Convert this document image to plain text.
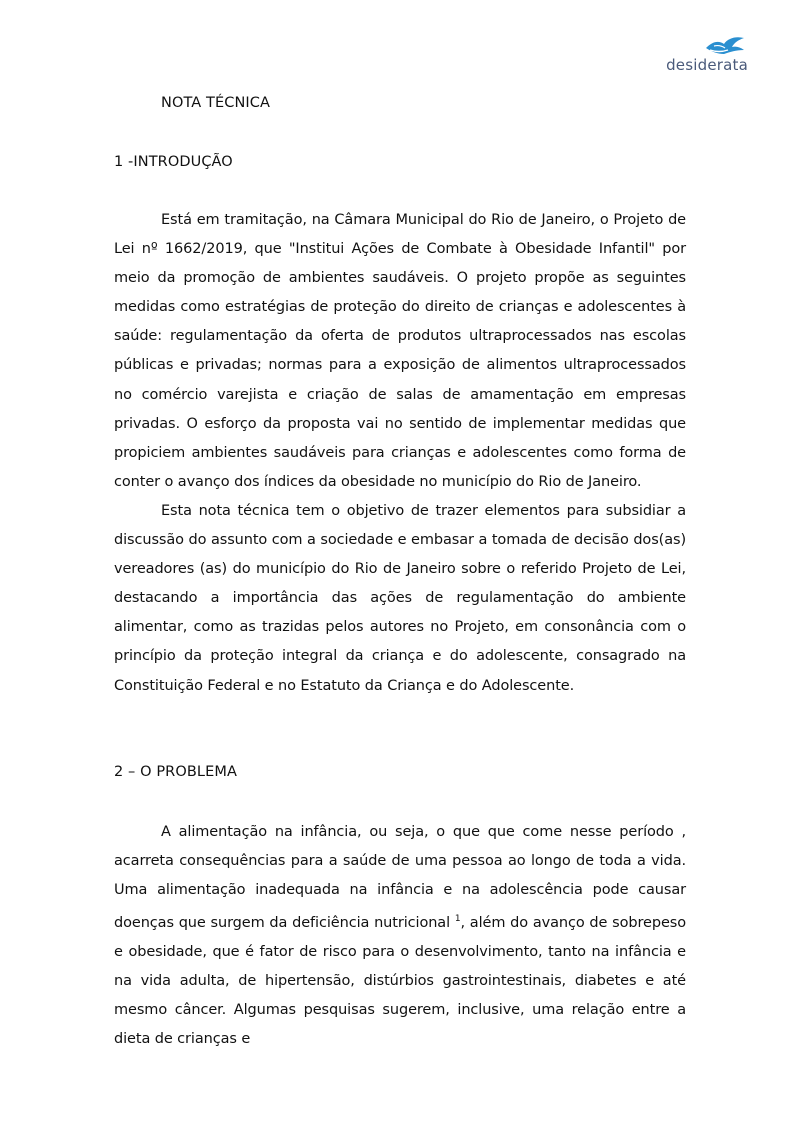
desiderata

NOTA TÉCNICA

1 -INTRODUÇÃO

Está em tramitação, na Câmara Municipal do Rio de Janeiro, o Projeto de Lei nº 1662/2019, que "Institui Ações de Combate à Obesidade Infantil" por meio da promoção de ambientes saudáveis. O projeto propõe as seguintes medidas como estratégias de proteção do direito de crianças e adolescentes à saúde: regulamentação da oferta de produtos ultraprocessados nas escolas públicas e privadas; normas para a exposição de alimentos ultraprocessados no comércio varejista e criação de salas de amamentação em empresas privadas. O esforço da proposta vai no sentido de implementar medidas que propiciem ambientes saudáveis para crianças e adolescentes como forma de conter o avanço dos índices da obesidade no município do Rio de Janeiro.

Esta nota técnica tem o objetivo de trazer elementos para subsidiar a discussão do assunto com a sociedade e embasar a tomada de decisão dos(as) vereadores (as) do município do Rio de Janeiro sobre o referido Projeto de Lei, destacando a importância das ações de regulamentação do ambiente alimentar, como as trazidas pelos autores no Projeto, em consonância com o princípio da proteção integral da criança e do adolescente, consagrado na Constituição Federal e no Estatuto da Criança e do Adolescente.

2 – O PROBLEMA

A alimentação na infância, ou seja, o que que come nesse período , acarreta consequências para a saúde de uma pessoa ao longo de toda a vida. Uma alimentação inadequada na infância e na adolescência pode causar doenças que surgem da deficiência nutricional $^1$, além do avanço de sobrepeso e obesidade, que é fator de risco para o desenvolvimento, tanto na infância e na vida adulta, de hipertensão, distúrbios gastrointestinais, diabetes e até mesmo câncer. Algumas pesquisas sugerem, inclusive, uma relação entre a dieta de crianças e
